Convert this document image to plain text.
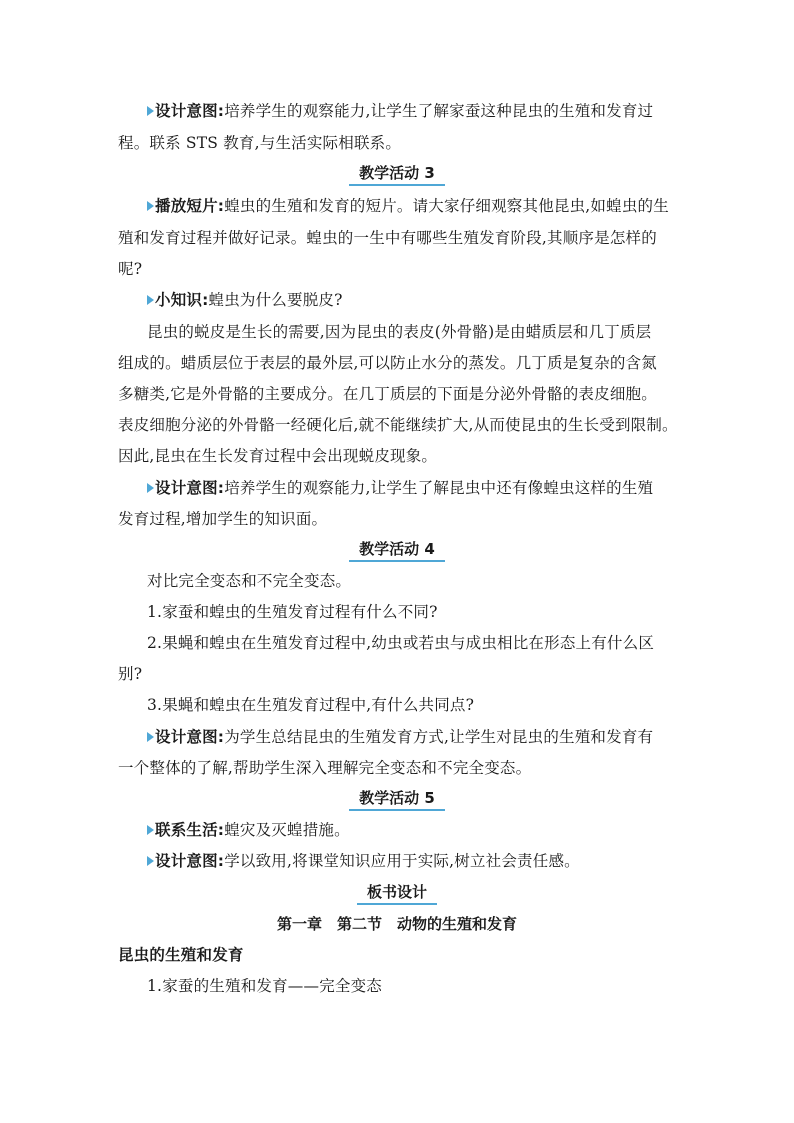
设计意图:培养学生的观察能力,让学生了解家蚕这种昆虫的生殖和发育过
程。联系 STS 教育,与生活实际相联系。
教学活动 3
播放短片:蝗虫的生殖和发育的短片。请大家仔细观察其他昆虫,如蝗虫的生
殖和发育过程并做好记录。蝗虫的一生中有哪些生殖发育阶段,其顺序是怎样的
呢?
小知识:蝗虫为什么要脱皮?
昆虫的蜕皮是生长的需要,因为昆虫的表皮(外骨骼)是由蜡质层和几丁质层
组成的。蜡质层位于表层的最外层,可以防止水分的蒸发。几丁质是复杂的含氮
多糖类,它是外骨骼的主要成分。在几丁质层的下面是分泌外骨骼的表皮细胞。
表皮细胞分泌的外骨骼一经硬化后,就不能继续扩大,从而使昆虫的生长受到限制。
因此,昆虫在生长发育过程中会出现蜕皮现象。
设计意图:培养学生的观察能力,让学生了解昆虫中还有像蝗虫这样的生殖
发育过程,增加学生的知识面。
教学活动 4
对比完全变态和不完全变态。
1.家蚕和蝗虫的生殖发育过程有什么不同?
2.果蝇和蝗虫在生殖发育过程中,幼虫或若虫与成虫相比在形态上有什么区
别?
3.果蝇和蝗虫在生殖发育过程中,有什么共同点?
设计意图:为学生总结昆虫的生殖发育方式,让学生对昆虫的生殖和发育有
一个整体的了解,帮助学生深入理解完全变态和不完全变态。
教学活动 5
联系生活:蝗灾及灭蝗措施。
设计意图:学以致用,将课堂知识应用于实际,树立社会责任感。
板书设计
第一章　第二节　动物的生殖和发育
昆虫的生殖和发育
1.家蚕的生殖和发育——完全变态
